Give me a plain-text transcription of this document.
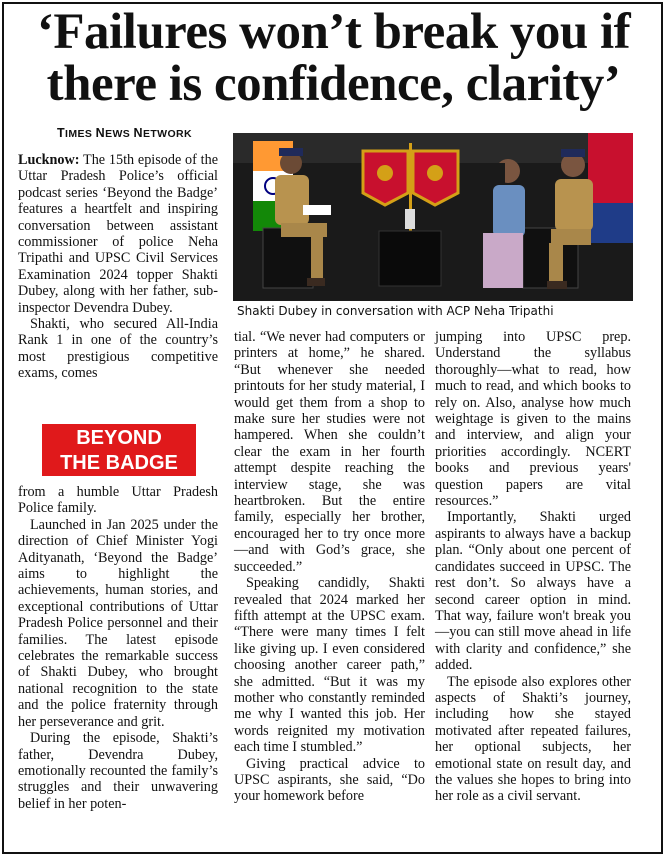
‘Failures won’t break you if
there is confidence, clarity’
TIMES NEWS NETWORK

Lucknow: The 15th episode of the Uttar Pradesh Police’s official podcast series ‘Beyond the Badge’ features a heartfelt and inspiring conversation between assistant commissioner of police Neha Tripathi and UPSC Civil Services Examination 2024 topper Shakti Dubey, along with her father, sub-inspector Devendra Dubey.

Shakti, who secured All-India Rank 1 in one of the country’s most prestigious competitive exams, comes

BEYOND
THE BADGE

from a humble Uttar Pradesh Police family.

Launched in Jan 2025 under the direction of Chief Minister Yogi Adityanath, ‘Beyond the Badge’ aims to highlight the achievements, human stories, and exceptional contributions of Uttar Pradesh Police personnel and their families. The latest episode celebrates the remarkable success of Shakti Dubey, who brought national recognition to the state and the police fraternity through her perseverance and grit.

During the episode, Shakti’s father, Devendra Dubey, emotionally recounted the family’s struggles and their unwavering belief in her poten-

Shakti Dubey in conversation with ACP Neha Tripathi

tial. “We never had computers or printers at home,” he shared. “But whenever she needed printouts for her study material, I would get them from a shop to make sure her studies were not hampered. When she couldn’t clear the exam in her fourth attempt despite reaching the interview stage, she was heartbroken. But the entire family, especially her brother, encouraged her to try once more—and with God’s grace, she succeeded.”

Speaking candidly, Shakti revealed that 2024 marked her fifth attempt at the UPSC exam. “There were many times I felt like giving up. I even considered choosing another career path,” she admitted. “But it was my mother who constantly reminded me why I wanted this job. Her words reignited my motivation each time I stumbled.”

Giving practical advice to UPSC aspirants, she said, “Do your homework before

jumping into UPSC prep. Understand the syllabus thoroughly—what to read, how much to read, and which books to rely on. Also, analyse how much weightage is given to the mains and interview, and align your priorities accordingly. NCERT books and previous years' question papers are vital resources.”

Importantly, Shakti urged aspirants to always have a backup plan. “Only about one percent of candidates succeed in UPSC. The rest don’t. So always have a second career option in mind. That way, failure won't break you—you can still move ahead in life with clarity and confidence,” she added.

The episode also explores other aspects of Shakti’s journey, including how she stayed motivated after repeated failures, her optional subjects, her emotional state on result day, and the values she hopes to bring into her role as a civil servant.
